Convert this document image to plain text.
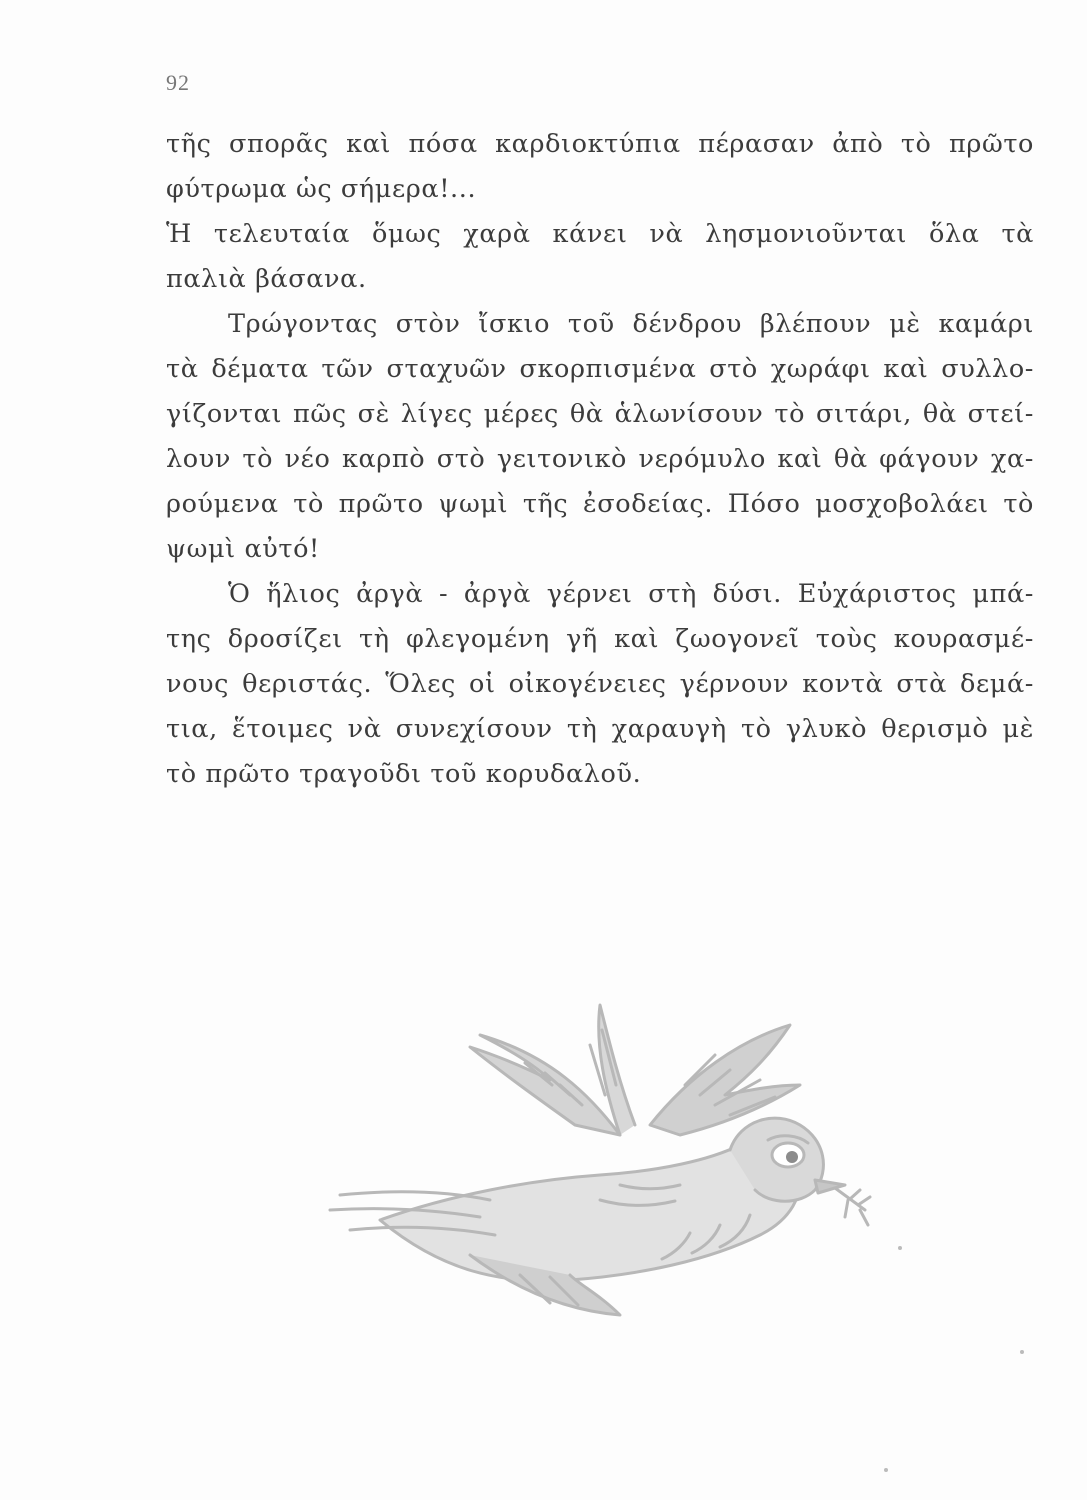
92
τῆς σπορᾶς καὶ πόσα καρδιοκτύπια πέρασαν ἀπὸ τὸ πρῶτο
φύτρωμα ὡς σήμερα!...
Ἡ τελευταία ὅμως χαρὰ κάνει νὰ λησμονιοῦνται ὅλα τὰ
παλιὰ βάσανα.
Τρώγοντας στὸν ἴσκιο τοῦ δένδρου βλέπουν μὲ καμάρι
τὰ δέματα τῶν σταχυῶν σκορπισμένα στὸ χωράφι καὶ συλλο-
γίζονται πῶς σὲ λίγες μέρες θὰ ἁλωνίσουν τὸ σιτάρι, θὰ στεί-
λουν τὸ νέο καρπὸ στὸ γειτονικὸ νερόμυλο καὶ θὰ φάγουν χα-
ρούμενα τὸ πρῶτο ψωμὶ τῆς ἐσοδείας. Πόσο μοσχοβολάει τὸ
ψωμὶ αὐτό!
Ὁ ἥλιος ἀργὰ - ἀργὰ γέρνει στὴ δύσι. Εὐχάριστος μπά-
της δροσίζει τὴ φλεγομένη γῆ καὶ ζωογονεῖ τοὺς κουρασμέ-
νους θεριστάς. Ὅλες οἱ οἰκογένειες γέρνουν κοντὰ στὰ δεμά-
τια, ἕτοιμες νὰ συνεχίσουν τὴ χαραυγὴ τὸ γλυκὸ θερισμὸ μὲ
τὸ πρῶτο τραγοῦδι τοῦ κορυδαλοῦ.
